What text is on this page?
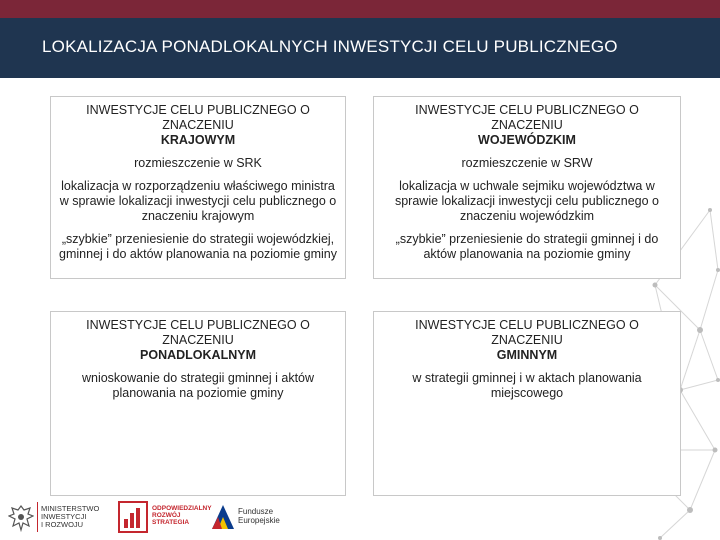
LOKALIZACJA PONADLOKALNYCH INWESTYCJI CELU PUBLICZNEGO
INWESTYCJE CELU PUBLICZNEGO O ZNACZENIU
KRAJOWYM
rozmieszczenie w SRK
lokalizacja w rozporządzeniu właściwego ministra w sprawie lokalizacji inwestycji celu publicznego o znaczeniu krajowym
„szybkie” przeniesienie do strategii wojewódzkiej, gminnej i do aktów planowania na poziomie gminy
INWESTYCJE CELU PUBLICZNEGO O ZNACZENIU
WOJEWÓDZKIM
rozmieszczenie w SRW
lokalizacja w uchwale sejmiku województwa w sprawie lokalizacji inwestycji celu publicznego o znaczeniu wojewódzkim
„szybkie” przeniesienie do strategii gminnej i do aktów planowania na poziomie gminy
INWESTYCJE CELU PUBLICZNEGO O ZNACZENIU
PONADLOKALNYM
wnioskowanie do strategii gminnej i aktów planowania na poziomie gminy
INWESTYCJE CELU PUBLICZNEGO O ZNACZENIU
GMINNYM
w strategii gminnej i w aktach planowania miejscowego
MINISTERSTWO
INWESTYCJI
I ROZWOJU
ODPOWIEDZIALNY
ROZWÓJ
STRATEGIA
Fundusze
Europejskie
